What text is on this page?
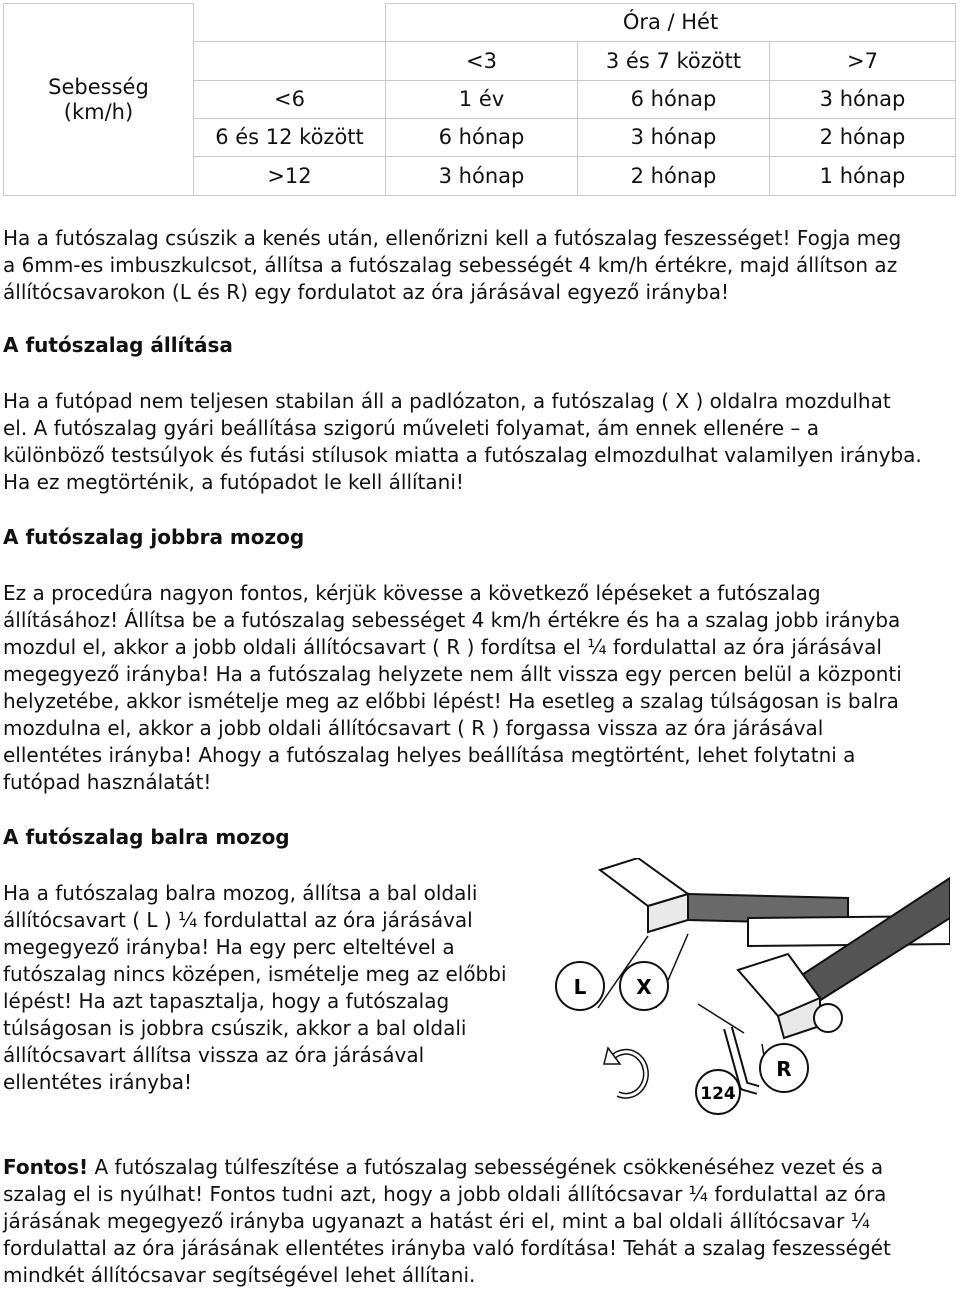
Sebesség
(km/h)		Óra / Hét		
		<3	3 és 7 között	>7
	<6	1 év	6 hónap	3 hónap
	6 és 12 között	6 hónap	3 hónap	2 hónap
	>12	3 hónap	2 hónap	1 hónap

Ha a futószalag csúszik a kenés után, ellenőrizni kell a futószalag feszességet! Fogja meg
a 6mm-es imbuszkulcsot, állítsa a futószalag sebességét 4 km/h értékre, majd állítson az
állítócsavarokon (L és R) egy fordulatot az óra járásával egyező irányba!

A futószalag állítása

Ha a futópad nem teljesen stabilan áll a padlózaton, a futószalag ( X ) oldalra mozdulhat
el. A futószalag gyári beállítása szigorú műveleti folyamat, ám ennek ellenére – a
különböző testsúlyok és futási stílusok miatta a futószalag elmozdulhat valamilyen irányba.
Ha ez megtörténik, a futópadot le kell állítani!

A futószalag jobbra mozog

Ez a procedúra nagyon fontos, kérjük kövesse a következő lépéseket a futószalag
állításához! Állítsa be a futószalag sebességet 4 km/h értékre és ha a szalag jobb irányba
mozdul el, akkor a jobb oldali állítócsavart ( R ) fordítsa el ¼ fordulattal az óra járásával
megegyező irányba! Ha a futószalag helyzete nem állt vissza egy percen belül a központi
helyzetébe, akkor ismételje meg az előbbi lépést! Ha esetleg a szalag túlságosan is balra
mozdulna el, akkor a jobb oldali állítócsavart ( R ) forgassa vissza az óra járásával
ellentétes irányba! Ahogy a futószalag helyes beállítása megtörtént, lehet folytatni a
futópad használatát!

A futószalag balra mozog

Ha a futószalag balra mozog, állítsa a bal oldali
állítócsavart ( L ) ¼ fordulattal az óra járásával
megegyező irányba! Ha egy perc elteltével a
futószalag nincs középen, ismételje meg az előbbi
lépést! Ha azt tapasztalja, hogy a futószalag
túlságosan is jobbra csúszik, akkor a bal oldali
állítócsavart állítsa vissza az óra járásával
ellentétes irányba!

L X
R
124

Fontos! A futószalag túlfeszítése a futószalag sebességének csökkenéséhez vezet és a
szalag el is nyúlhat! Fontos tudni azt, hogy a jobb oldali állítócsavar ¼ fordulattal az óra
járásának megegyező irányba ugyanazt a hatást éri el, mint a bal oldali állítócsavar ¼
fordulattal az óra járásának ellentétes irányba való fordítása! Tehát a szalag feszességét
mindkét állítócsavar segítségével lehet állítani.
